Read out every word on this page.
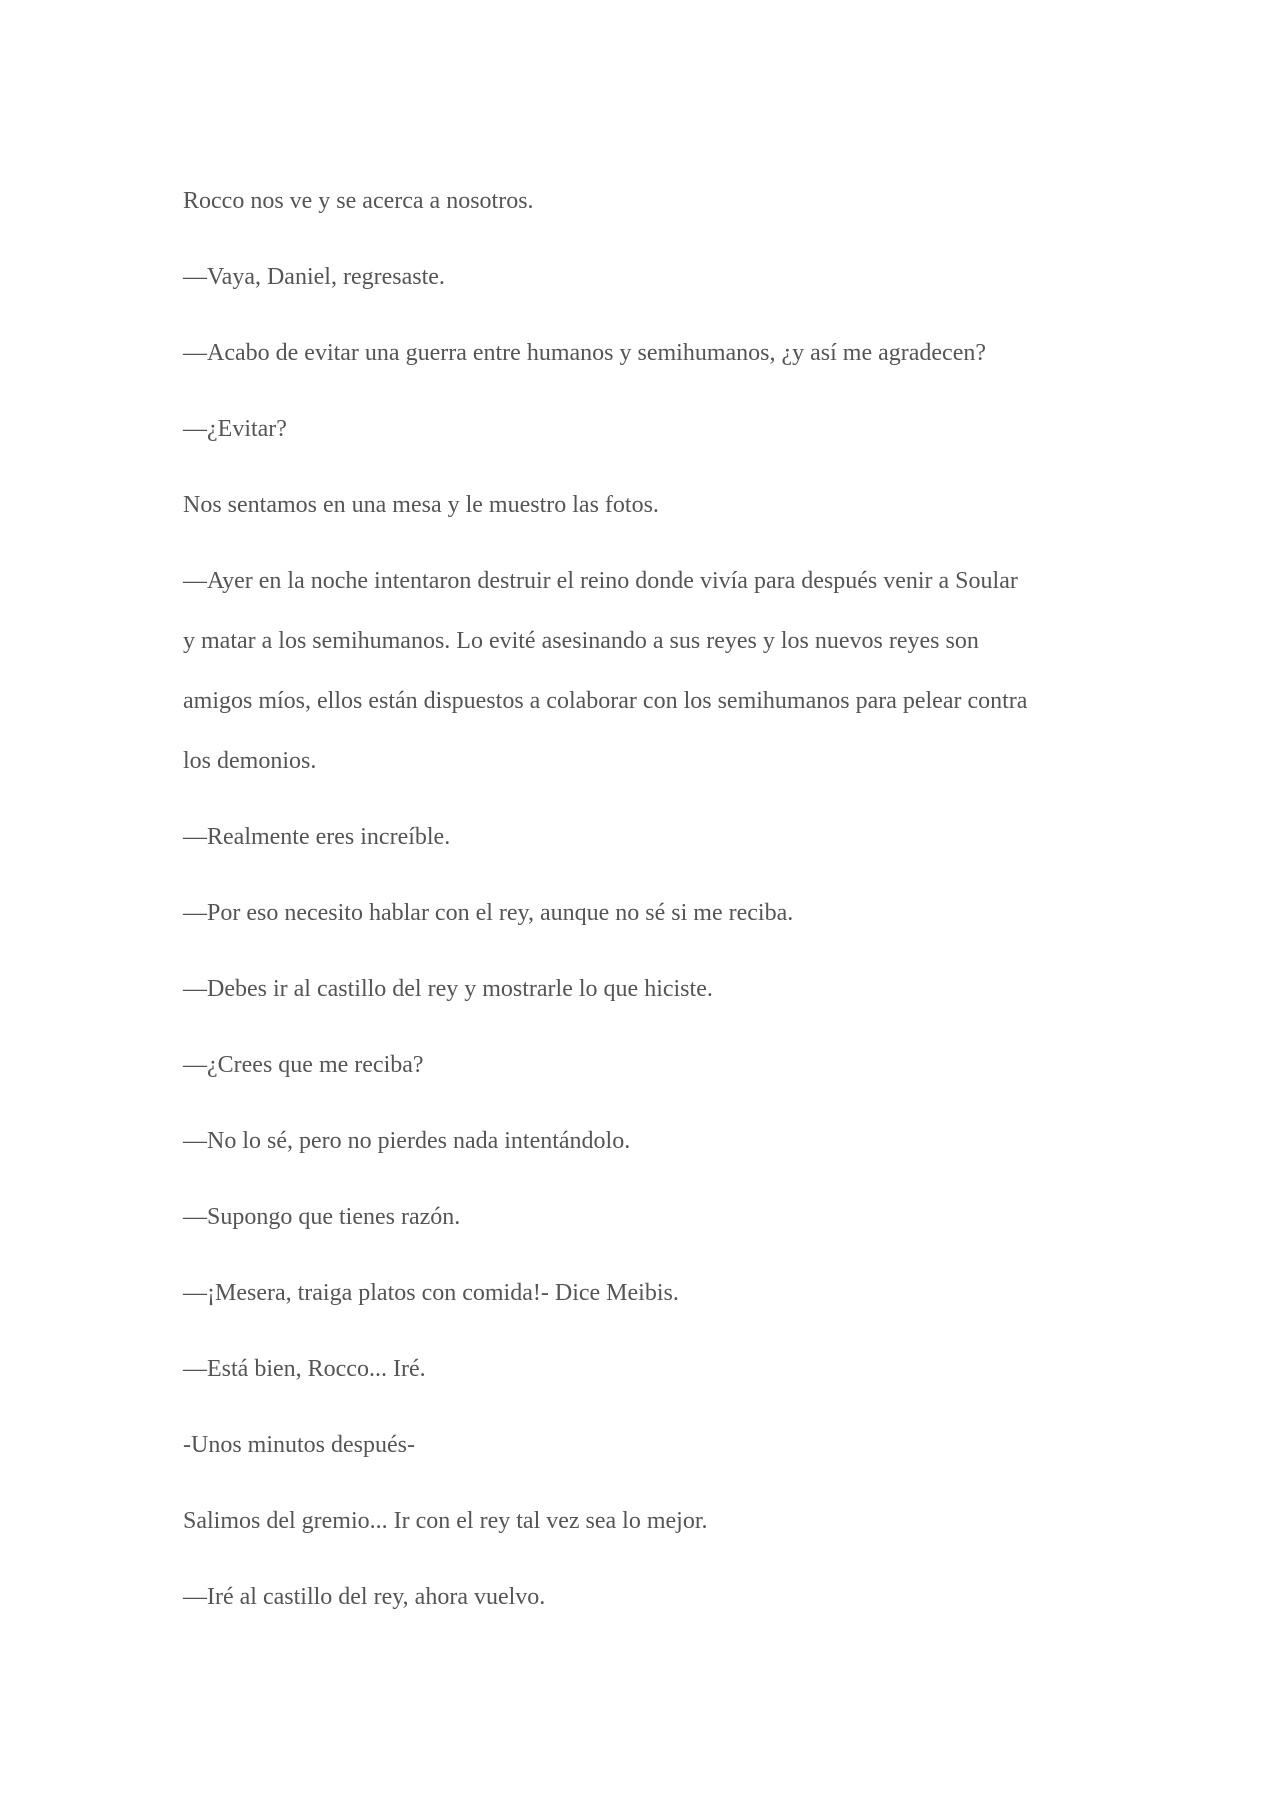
Rocco nos ve y se acerca a nosotros.

—Vaya, Daniel, regresaste.

—Acabo de evitar una guerra entre humanos y semihumanos, ¿y así me agradecen?

—¿Evitar?

Nos sentamos en una mesa y le muestro las fotos.

—Ayer en la noche intentaron destruir el reino donde vivía para después venir a Soular
y matar a los semihumanos. Lo evité asesinando a sus reyes y los nuevos reyes son
amigos míos, ellos están dispuestos a colaborar con los semihumanos para pelear contra
los demonios.

—Realmente eres increíble.

—Por eso necesito hablar con el rey, aunque no sé si me reciba.

—Debes ir al castillo del rey y mostrarle lo que hiciste.

—¿Crees que me reciba?

—No lo sé, pero no pierdes nada intentándolo.

—Supongo que tienes razón.

—¡Mesera, traiga platos con comida!- Dice Meibis.

—Está bien, Rocco... Iré.

-Unos minutos después-

Salimos del gremio... Ir con el rey tal vez sea lo mejor.

—Iré al castillo del rey, ahora vuelvo.
